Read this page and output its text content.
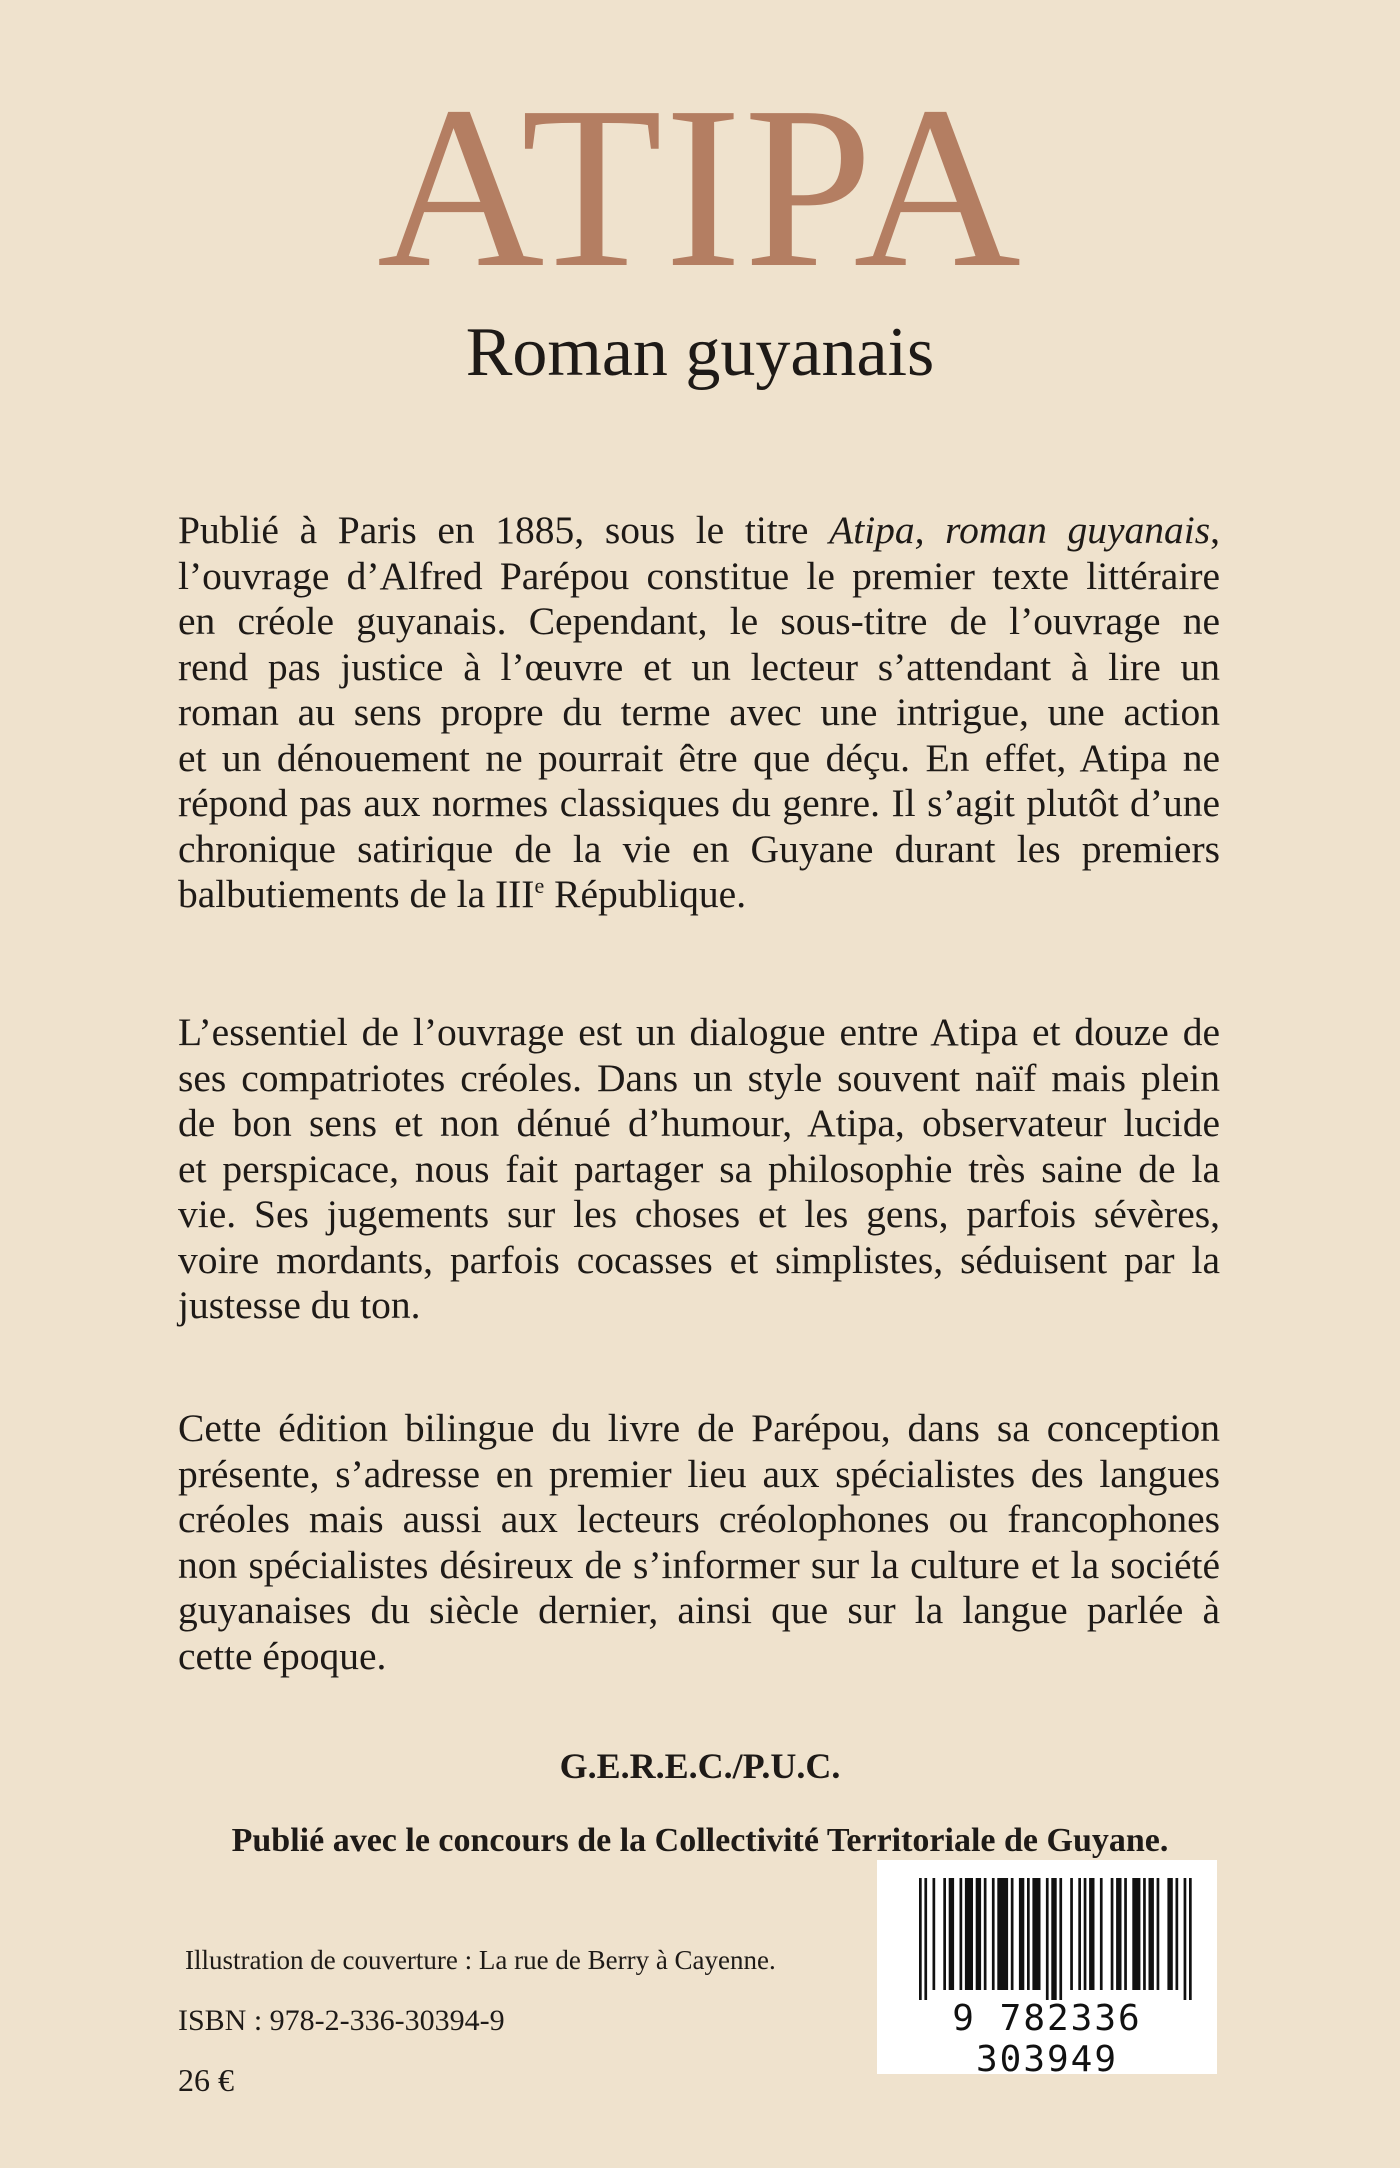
ATIPA
Roman guyanais
Publié à Paris en 1885, sous le titre Atipa, roman guyanais,
l’ouvrage d’Alfred Parépou constitue le premier texte littéraire
en créole guyanais. Cependant, le sous-titre de l’ouvrage ne
rend pas justice à l’œuvre et un lecteur s’attendant à lire un
roman au sens propre du terme avec une intrigue, une action
et un dénouement ne pourrait être que déçu. En effet, Atipa ne
répond pas aux normes classiques du genre. Il s’agit plutôt d’une
chronique satirique de la vie en Guyane durant les premiers
balbutiements de la IIIe République.
L’essentiel de l’ouvrage est un dialogue entre Atipa et douze de
ses compatriotes créoles. Dans un style souvent naïf mais plein
de bon sens et non dénué d’humour, Atipa, observateur lucide
et perspicace, nous fait partager sa philosophie très saine de la
vie. Ses jugements sur les choses et les gens, parfois sévères,
voire mordants, parfois cocasses et simplistes, séduisent par la
justesse du ton.
Cette édition bilingue du livre de Parépou, dans sa conception
présente, s’adresse en premier lieu aux spécialistes des langues
créoles mais aussi aux lecteurs créolophones ou francophones
non spécialistes désireux de s’informer sur la culture et la société
guyanaises du siècle dernier, ainsi que sur la langue parlée à
cette époque.
G.E.R.E.C./P.U.C.
Publié avec le concours de la Collectivité Territoriale de Guyane.
Illustration de couverture : La rue de Berry à Cayenne.
ISBN : 978-2-336-30394-9
26 €
9 782336 303949
